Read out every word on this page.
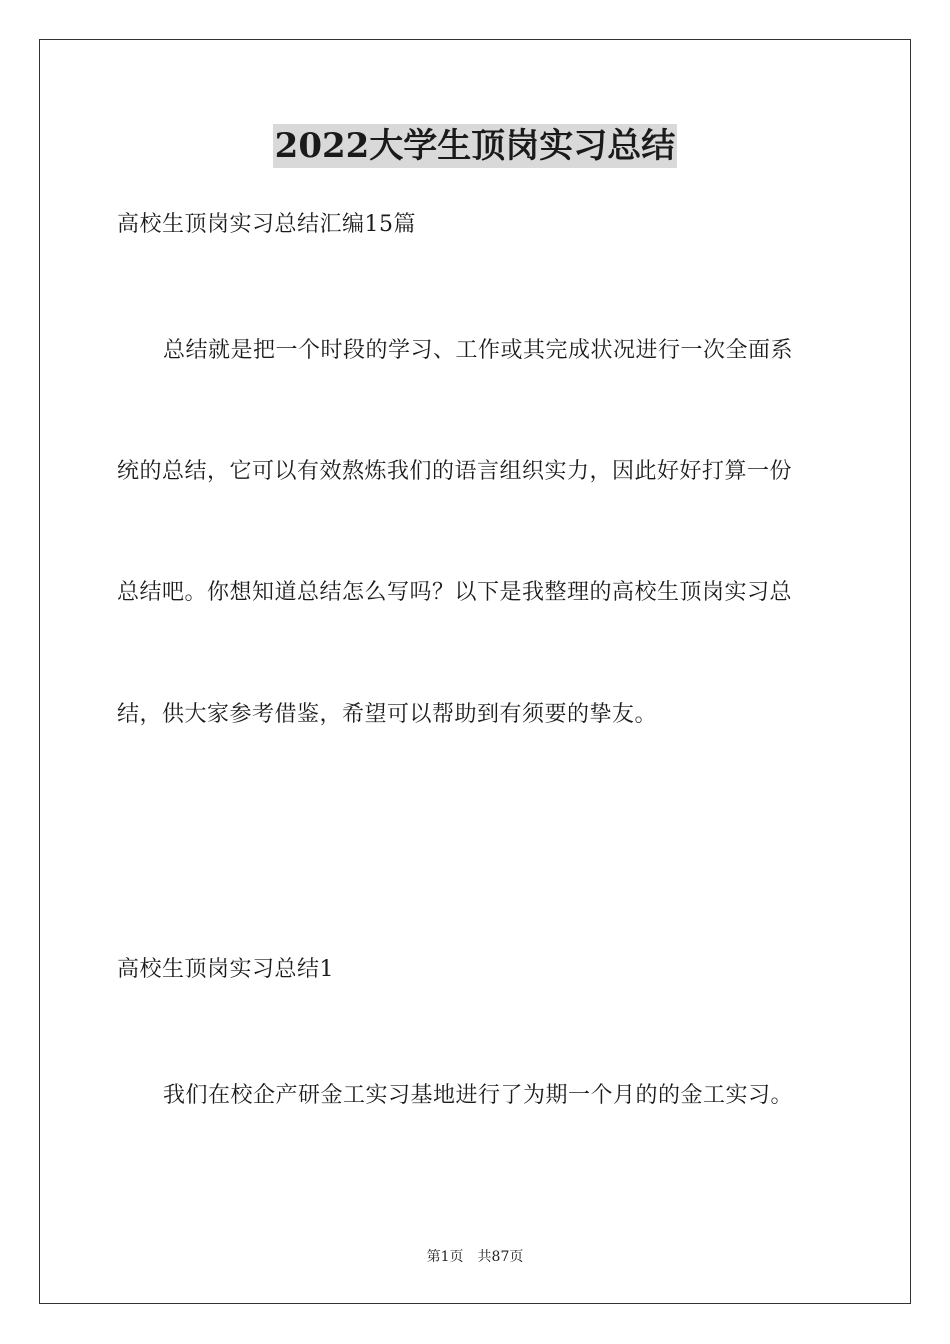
2022大学生顶岗实习总结
高校生顶岗实习总结汇编15篇
总结就是把一个时段的学习、工作或其完成状况进行一次全面系
统的总结，它可以有效熬炼我们的语言组织实力，因此好好打算一份
总结吧。你想知道总结怎么写吗？以下是我整理的高校生顶岗实习总
结，供大家参考借鉴，希望可以帮助到有须要的挚友。
高校生顶岗实习总结1
我们在校企产研金工实习基地进行了为期一个月的的金工实习。
第1页　共87页
